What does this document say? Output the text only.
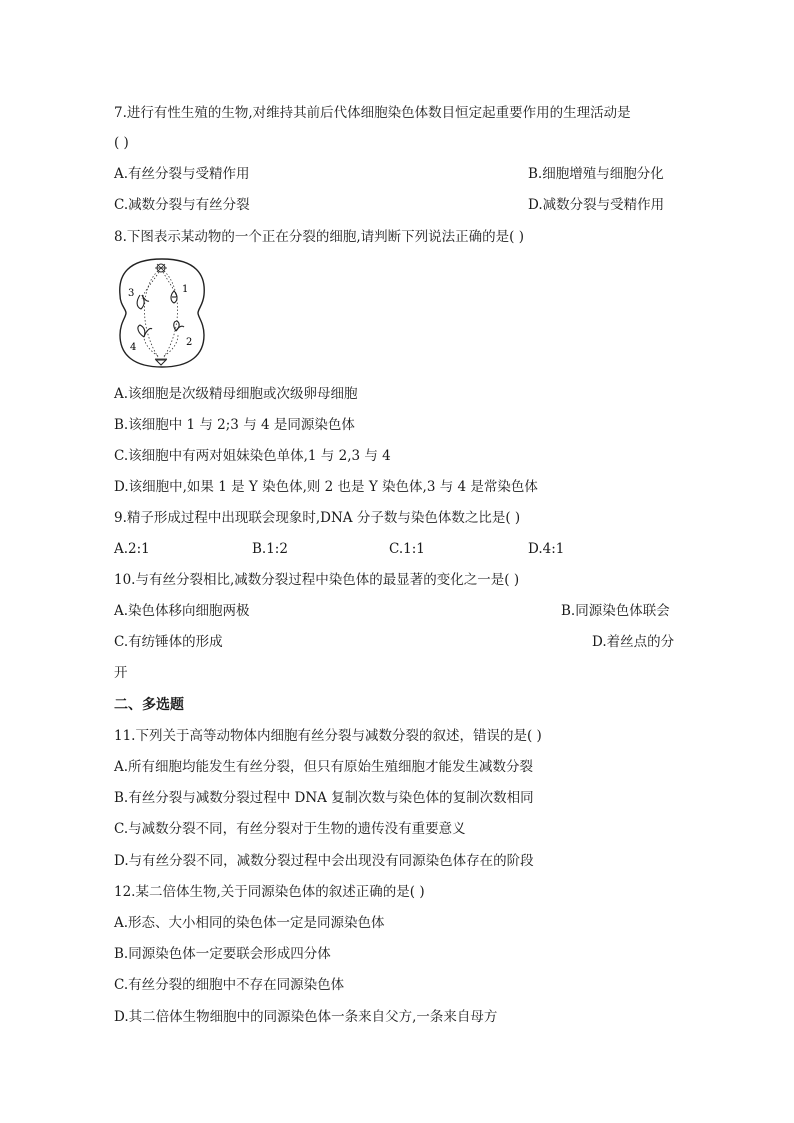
7.进行有性生殖的生物,对维持其前后代体细胞染色体数目恒定起重要作用的生理活动是
( )
A.有丝分裂与受精作用	B.细胞增殖与细胞分化
C.减数分裂与有丝分裂	D.减数分裂与受精作用
8.下图表示某动物的一个正在分裂的细胞,请判断下列说法正确的是( )
3	1
4	2
A.该细胞是次级精母细胞或次级卵母细胞
B.该细胞中 1 与 2;3 与 4 是同源染色体
C.该细胞中有两对姐妹染色单体,1 与 2,3 与 4
D.该细胞中,如果 1 是 Y 染色体,则 2 也是 Y 染色体,3 与 4 是常染色体
9.精子形成过程中出现联会现象时,DNA 分子数与染色体数之比是( )
A.2:1	B.1:2	C.1:1	D.4:1
10.与有丝分裂相比,减数分裂过程中染色体的最显著的变化之一是( )
A.染色体移向细胞两极	B.同源染色体联会
C.有纺锤体的形成	D.着丝点的分
开
二、多选题
11.下列关于高等动物体内细胞有丝分裂与减数分裂的叙述，错误的是( )
A.所有细胞均能发生有丝分裂，但只有原始生殖细胞才能发生减数分裂
B.有丝分裂与减数分裂过程中 DNA 复制次数与染色体的复制次数相同
C.与减数分裂不同，有丝分裂对于生物的遗传没有重要意义
D.与有丝分裂不同，减数分裂过程中会出现没有同源染色体存在的阶段
12.某二倍体生物,关于同源染色体的叙述正确的是( )
A.形态、大小相同的染色体一定是同源染色体
B.同源染色体一定要联会形成四分体
C.有丝分裂的细胞中不存在同源染色体
D.其二倍体生物细胞中的同源染色体一条来自父方,一条来自母方
